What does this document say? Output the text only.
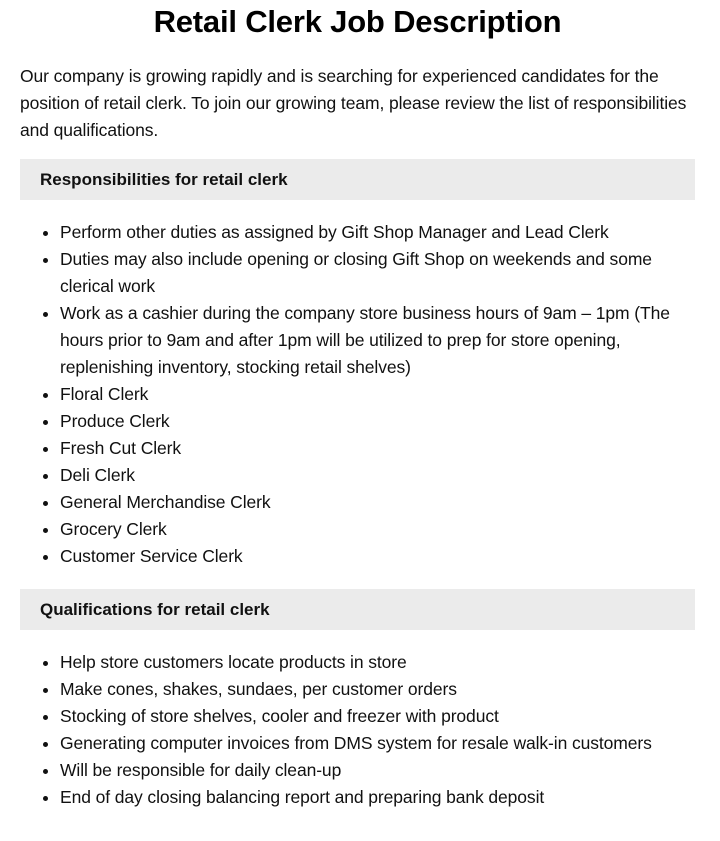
Retail Clerk Job Description

Our company is growing rapidly and is searching for experienced candidates for the position of retail clerk. To join our growing team, please review the list of responsibilities and qualifications.

Responsibilities for retail clerk
Perform other duties as assigned by Gift Shop Manager and Lead Clerk
Duties may also include opening or closing Gift Shop on weekends and some clerical work
Work as a cashier during the company store business hours of 9am – 1pm (The hours prior to 9am and after 1pm will be utilized to prep for store opening, replenishing inventory, stocking retail shelves)
Floral Clerk
Produce Clerk
Fresh Cut Clerk
Deli Clerk
General Merchandise Clerk
Grocery Clerk
Customer Service Clerk
Qualifications for retail clerk
Help store customers locate products in store
Make cones, shakes, sundaes, per customer orders
Stocking of store shelves, cooler and freezer with product
Generating computer invoices from DMS system for resale walk-in customers
Will be responsible for daily clean-up
End of day closing balancing report and preparing bank deposit
